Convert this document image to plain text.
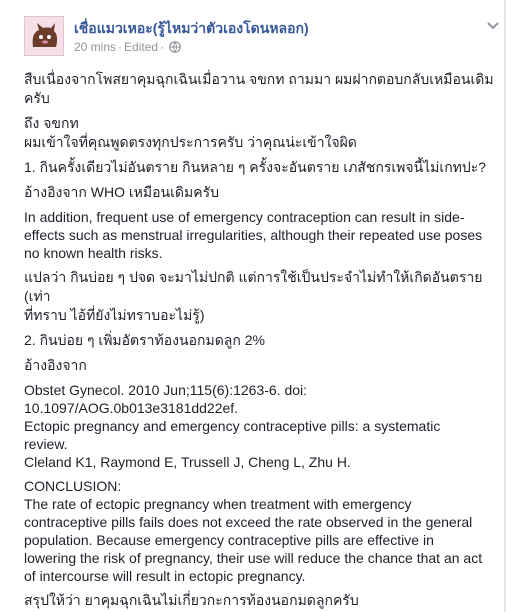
เชื่อแมวเหอะ(รู้ไหมว่าตัวเองโดนหลอก)
20 mins · Edited ·
สืบเนื่องจากโพสยาคุมฉุกเฉินเมื่อวาน จขกท ถามมา ผมฝากตอบกลับเหมือนเดิม
ครับ
ถึง จขกท
ผมเข้าใจที่คุณพูดตรงทุกประการครับ ว่าคุณน่ะเข้าใจผิด
1. กินครั้งเดียวไม่อันตราย กินหลาย ๆ ครั้งจะอันตราย เภสัชกรเพจนี้ไม่เกทปะ?
อ้างอิงจาก WHO เหมือนเดิมครับ
In addition, frequent use of emergency contraception can result in side-
effects such as menstrual irregularities, although their repeated use poses
no known health risks.
แปลว่า กินบ่อย ๆ ปจด จะมาไม่ปกติ แต่การใช้เป็นประจำไม่ทำให้เกิดอันตราย (เท่า
ที่ทราบ ไอ้ที่ยังไม่ทราบอะไม่รู้)
2. กินบ่อย ๆ เพิ่มอัตราท้องนอกมดลูก 2%
อ้างอิงจาก
Obstet Gynecol. 2010 Jun;115(6):1263-6. doi:
10.1097/AOG.0b013e3181dd22ef.
Ectopic pregnancy and emergency contraceptive pills: a systematic
review.
Cleland K1, Raymond E, Trussell J, Cheng L, Zhu H.
CONCLUSION:
The rate of ectopic pregnancy when treatment with emergency
contraceptive pills fails does not exceed the rate observed in the general
population. Because emergency contraceptive pills are effective in
lowering the risk of pregnancy, their use will reduce the chance that an act
of intercourse will result in ectopic pregnancy.
สรุปให้ว่า ยาคุมฉุกเฉินไม่เกี่ยวกะการท้องนอกมดลูกครับ
